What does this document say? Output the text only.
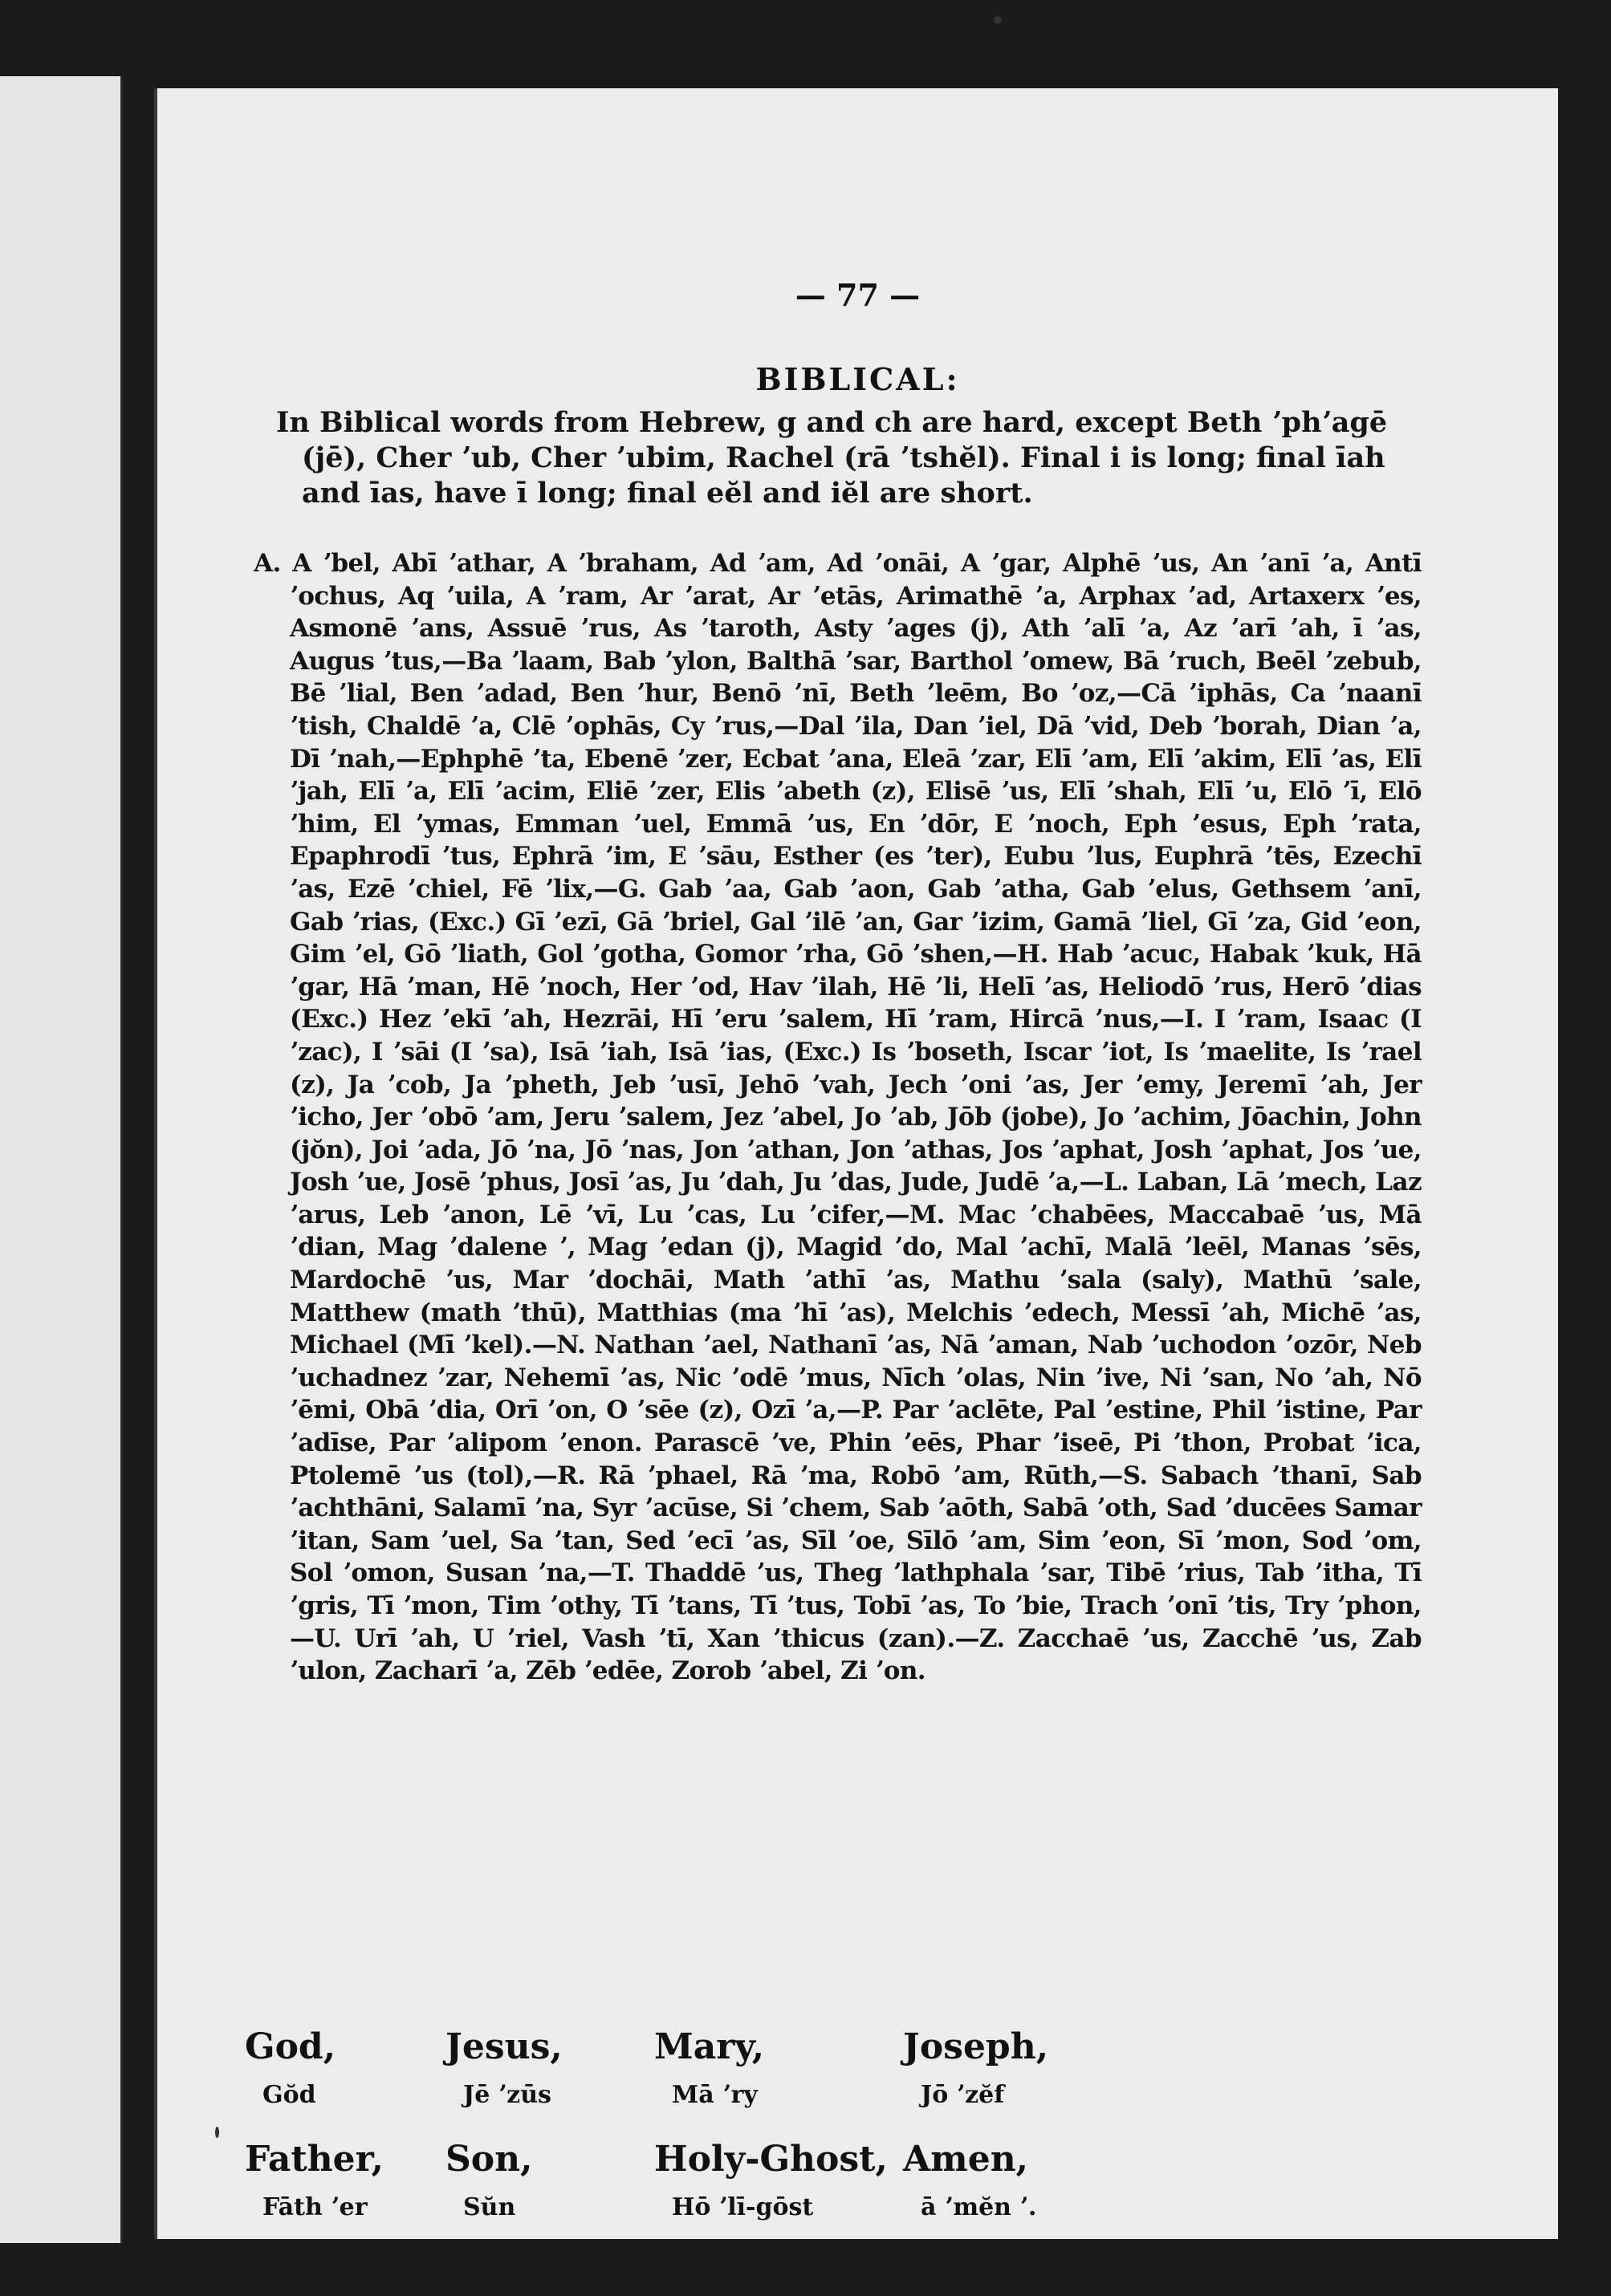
— 77 —
BIBLICAL:
In Biblical words from Hebrew, g and ch are hard, except Beth ʼphʼagē (jē), Cher ʼub, Cher ʼubim, Rachel (rā ʼtshĕl). Final i is long; final īah and īas, have ī long; final eĕl and iĕl are short.
A. A ʼbel, Abī ʼathar, A ʼbraham, Ad ʼam, Ad ʼonāi, A ʼgar, Alphē ʼus, An ʼanī ʼa, Antī ʼochus, Aq ʼuila, A ʼram, Ar ʼarat, Ar ʼetās, Arimathē ʼa, Arphax ʼad, Artaxerx ʼes, Asmonē ʼans, Assuē ʼrus, As ʼtaroth, Asty ʼages (j), Ath ʼalī ʼa, Az ʼarī ʼah, ī ʼas, Augus ʼtus,—Ba ʼlaam, Bab ʼylon, Balthā ʼsar, Barthol ʼomew, Bā ʼruch, Beēl ʼzebub, Bē ʼlial, Ben ʼadad, Ben ʼhur, Benō ʼnī, Beth ʼleēm, Bo ʼoz,—Cā ʼiphās, Ca ʼnaanī ʼtish, Chaldē ʼa, Clē ʼophās, Cy ʼrus,—Dal ʼila, Dan ʼiel, Dā ʼvid, Deb ʼborah, Dian ʼa, Dī ʼnah,—Ephphē ʼta, Ebenē ʼzer, Ecbat ʼana, Eleā ʼzar, Elī ʼam, Elī ʼakim, Elī ʼas, Elī ʼjah, Elī ʼa, Elī ʼacim, Eliē ʼzer, Elis ʼabeth (z), Elisē ʼus, Elī ʼshah, Elī ʼu, Elō ʼī, Elō ʼhim, El ʼymas, Emman ʼuel, Emmā ʼus, En ʼdōr, E ʼnoch, Eph ʼesus, Eph ʼrata, Epaphrodī ʼtus, Ephrā ʼim, E ʼsāu, Esther (es ʼter), Eubu ʼlus, Euphrā ʼtēs, Ezechī ʼas, Ezē ʼchiel, Fē ʼlix,—G. Gab ʼaa, Gab ʼaon, Gab ʼatha, Gab ʼelus, Gethsem ʼanī, Gab ʼrias, (Exc.) Gī ʼezī, Gā ʼbriel, Gal ʼilē ʼan, Gar ʼizim, Gamā ʼliel, Gī ʼza, Gid ʼeon, Gim ʼel, Gō ʼliath, Gol ʼgotha, Gomor ʼrha, Gō ʼshen,—H. Hab ʼacuc, Habak ʼkuk, Hā ʼgar, Hā ʼman, Hē ʼnoch, Her ʼod, Hav ʼilah, Hē ʼli, Helī ʼas, Heliodō ʼrus, Herō ʼdias (Exc.) Hez ʼekī ʼah, Hezrāi, Hī ʼeru ʼsalem, Hī ʼram, Hircā ʼnus,—I. I ʼram, Isaac (I ʼzac), I ʼsāi (I ʼsa), Isā ʼiah, Isā ʼias, (Exc.) Is ʼboseth, Iscar ʼiot, Is ʼmaelite, Is ʼrael (z), Ja ʼcob, Ja ʼpheth, Jeb ʼusī, Jehō ʼvah, Jech ʼoni ʼas, Jer ʼemy, Jeremī ʼah, Jer ʼicho, Jer ʼobō ʼam, Jeru ʼsalem, Jez ʼabel, Jo ʼab, Jōb (jobe), Jo ʼachim, Jōachin, John (jŏn), Joi ʼada, Jō ʼna, Jō ʼnas, Jon ʼathan, Jon ʼathas, Jos ʼaphat, Josh ʼaphat, Jos ʼue, Josh ʼue, Josē ʼphus, Josī ʼas, Ju ʼdah, Ju ʼdas, Jude, Judē ʼa,—L. Laban, Lā ʼmech, Laz ʼarus, Leb ʼanon, Lē ʼvī, Lu ʼcas, Lu ʼcifer,—M. Mac ʼchabēes, Maccabaē ʼus, Mā ʼdian, Mag ʼdalene ʼ, Mag ʼedan (j), Magid ʼdo, Mal ʼachī, Malā ʼleēl, Manas ʼsēs, Mardochē ʼus, Mar ʼdochāi, Math ʼathī ʼas, Mathu ʼsala (saly), Mathū ʼsale, Matthew (math ʼthū), Matthias (ma ʼhī ʼas), Melchis ʼedech, Messī ʼah, Michē ʼas, Michael (Mī ʼkel).—N. Nathan ʼael, Nathanī ʼas, Nā ʼaman, Nab ʼuchodon ʼozōr, Neb ʼuchadnez ʼzar, Nehemī ʼas, Nic ʼodē ʼmus, Nīch ʼolas, Nin ʼive, Ni ʼsan, No ʼah, Nō ʼēmi, Obā ʼdia, Orī ʼon, O ʼsēe (z), Ozī ʼa,—P. Par ʼaclēte, Pal ʼestine, Phil ʼistine, Par ʼadīse, Par ʼalipom ʼenon. Parascē ʼve, Phin ʼeēs, Phar ʼiseē, Pi ʼthon, Probat ʼica, Ptolemē ʼus (tol),—R. Rā ʼphael, Rā ʼma, Robō ʼam, Rūth,—S. Sabach ʼthanī, Sab ʼachthāni, Salamī ʼna, Syr ʼacūse, Si ʼchem, Sab ʼaōth, Sabā ʼoth, Sad ʼducēes Samar ʼitan, Sam ʼuel, Sa ʼtan, Sed ʼecī ʼas, Sīl ʼoe, Sīlō ʼam, Sim ʼeon, Sī ʼmon, Sod ʼom, Sol ʼomon, Susan ʼna,—T. Thaddē ʼus, Theg ʼlathphala ʼsar, Tibē ʼrius, Tab ʼitha, Tī ʼgris, Tī ʼmon, Tim ʼothy, Tī ʼtans, Tī ʼtus, Tobī ʼas, To ʼbie, Trach ʼonī ʼtis, Try ʼphon,—U. Urī ʼah, U ʼriel, Vash ʼtī, Xan ʼthicus (zan).—Z. Zacchaē ʼus, Zacchē ʼus, Zab ʼulon, Zacharī ʼa, Zēb ʼedēe, Zorob ʼabel, Zi ʼon.
God,	Jesus,	Mary,	Joseph,
Gŏd	Jē ʼzūs	Mā ʼry	Jō ʼzĕf
Father,	Son,	Holy-Ghost, Amen,
Fāth ʼer	Sŭn	Hō ʼlī-gōst	ā ʼmĕn ʼ.
